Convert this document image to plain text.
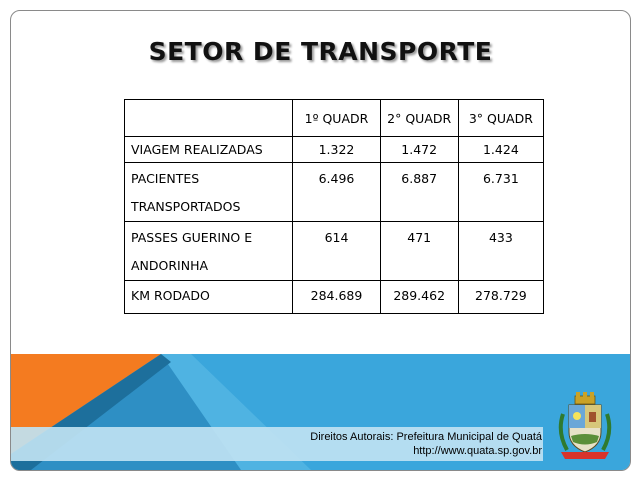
SETOR DE TRANSPORTE
	1º QUADR	2° QUADR	3° QUADR
VIAGEM REALIZADAS	1.322	1.472	1.424

PACIENTES
TRANSPORTADOS	6.496	6.887	6.731

PASSES GUERINO E
ANDORINHA	614	471	433
KM RODADO	284.689	289.462	278.729
Direitos Autorais: Prefeitura Municipal de Quatá
http://www.quata.sp.gov.br
